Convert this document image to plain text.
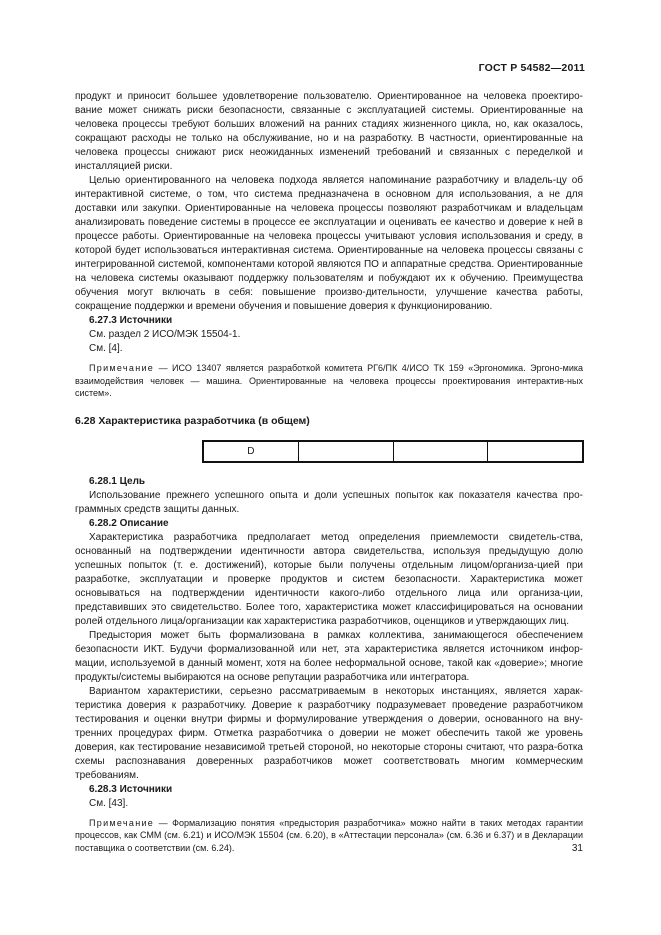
ГОСТ Р 54582—2011

продукт и приносит большее удовлетворение пользователю. Ориентированное на человека проектиро-вание может снижать риски безопасности, связанные с эксплуатацией системы. Ориентированные на человека процессы требуют больших вложений на ранних стадиях жизненного цикла, но, как оказалось, сокращают расходы не только на обслуживание, но и на разработку. В частности, ориентированные на человека процессы снижают риск неожиданных изменений требований и связанных с переделкой и инсталляцией риски.

Целью ориентированного на человека подхода является напоминание разработчику и владель-цу об интерактивной системе, о том, что система предназначена в основном для использования, а не для доставки или закупки. Ориентированные на человека процессы позволяют разработчикам и владельцам анализировать поведение системы в процессе ее эксплуатации и оценивать ее качество и доверие к ней в процессе работы. Ориентированные на человека процессы учитывают условия использования и среду, в которой будет использоваться интерактивная система. Ориентированные на человека процессы связаны с интегрированной системой, компонентами которой являются ПО и аппаратные средства. Ориентированные на человека системы оказывают поддержку пользователям и побуждают их к обучению. Преимущества обучения могут включать в себя: повышение произво-дительности, улучшение качества работы, сокращение поддержки и времени обучения и повышение доверия к функционированию.

6.27.3 Источники

См. раздел 2 ИСО/МЭК 15504-1.

См. [4].

Примечание — ИСО 13407 является разработкой комитета РГ6/ПК 4/ИСО ТК 159 «Эргономика. Эргоно-мика взаимодействия человек — машина. Ориентированные на человека процессы проектирования интерактив-ных систем».

6.28 Характеристика разработчика (в общем)

D

6.28.1 Цель

Использование прежнего успешного опыта и доли успешных попыток как показателя качества про-граммных средств защиты данных.

6.28.2 Описание

Характеристика разработчика предполагает метод определения приемлемости свидетель-ства, основанный на подтверждении идентичности автора свидетельства, используя предыдущую долю успешных попыток (т. е. достижений), которые были получены отдельным лицом/организа-цией при разработке, эксплуатации и проверке продуктов и систем безопасности. Характеристика может основываться на подтверждении идентичности какого-либо отдельного лица или организа-ции, представивших это свидетельство. Более того, характеристика может классифицироваться на основании ролей отдельного лица/организации как характеристика разработчиков, оценщиков и утверждающих лиц.

Предыстория может быть формализована в рамках коллектива, занимающегося обеспечением безопасности ИКТ. Будучи формализованной или нет, эта характеристика является источником инфор-мации, используемой в данный момент, хотя на более неформальной основе, такой как «доверие»; многие продукты/системы выбираются на основе репутации разработчика или интегратора.

Вариантом характеристики, серьезно рассматриваемым в некоторых инстанциях, является харак-теристика доверия к разработчику. Доверие к разработчику подразумевает проведение разработчиком тестирования и оценки внутри фирмы и формулирование утверждения о доверии, основанного на вну-тренних процедурах фирм. Отметка разработчика о доверии не может обеспечить такой же уровень доверия, как тестирование независимой третьей стороной, но некоторые стороны считают, что разра-ботка схемы распознавания доверенных разработчиков может соответствовать многим коммерческим требованиям.

6.28.3 Источники

См. [43].

Примечание — Формализацию понятия «предыстория разработчика» можно найти в таких методах гарантии процессов, как СММ (см. 6.21) и ИСО/МЭК 15504 (см. 6.20), в «Аттестации персонала» (см. 6.36 и 6.37) и в Декларации поставщика о соответствии (см. 6.24).	31
